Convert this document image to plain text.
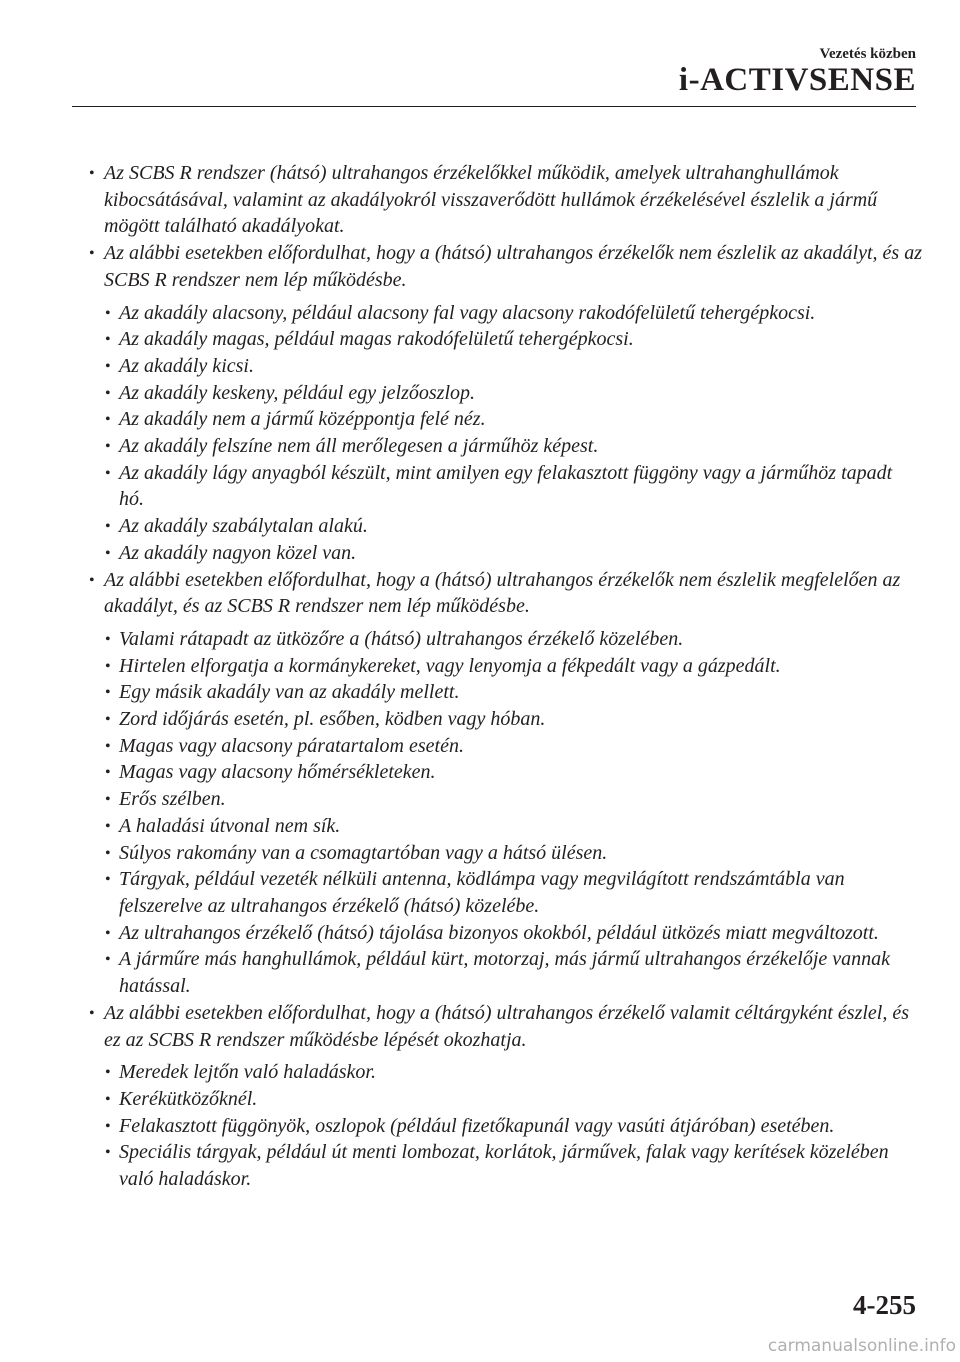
Vezetés közben
i-ACTIVSENSE
• Az SCBS R rendszer (hátsó) ultrahangos érzékelőkkel működik, amelyek ultrahanghullámok kibocsátásával, valamint az akadályokról visszaverődött hullámok érzékelésével észlelik a jármű mögött található akadályokat.
• Az alábbi esetekben előfordulhat, hogy a (hátsó) ultrahangos érzékelők nem észlelik az akadályt, és az SCBS R rendszer nem lép működésbe.
• Az akadály alacsony, például alacsony fal vagy alacsony rakodófelületű tehergépkocsi.
• Az akadály magas, például magas rakodófelületű tehergépkocsi.
• Az akadály kicsi.
• Az akadály keskeny, például egy jelzőoszlop.
• Az akadály nem a jármű középpontja felé néz.
• Az akadály felszíne nem áll merőlegesen a járműhöz képest.
• Az akadály lágy anyagból készült, mint amilyen egy felakasztott függöny vagy a járműhöz tapadt hó.
• Az akadály szabálytalan alakú.
• Az akadály nagyon közel van.
• Az alábbi esetekben előfordulhat, hogy a (hátsó) ultrahangos érzékelők nem észlelik megfelelően az akadályt, és az SCBS R rendszer nem lép működésbe.
• Valami rátapadt az ütközőre a (hátsó) ultrahangos érzékelő közelében.
• Hirtelen elforgatja a kormánykereket, vagy lenyomja a fékpedált vagy a gázpedált.
• Egy másik akadály van az akadály mellett.
• Zord időjárás esetén, pl. esőben, ködben vagy hóban.
• Magas vagy alacsony páratartalom esetén.
• Magas vagy alacsony hőmérsékleteken.
• Erős szélben.
• A haladási útvonal nem sík.
• Súlyos rakomány van a csomagtartóban vagy a hátsó ülésen.
• Tárgyak, például vezeték nélküli antenna, ködlámpa vagy megvilágított rendszámtábla van felszerelve az ultrahangos érzékelő (hátsó) közelébe.
• Az ultrahangos érzékelő (hátsó) tájolása bizonyos okokból, például ütközés miatt megváltozott.
• A járműre más hanghullámok, például kürt, motorzaj, más jármű ultrahangos érzékelője vannak hatással.
• Az alábbi esetekben előfordulhat, hogy a (hátsó) ultrahangos érzékelő valamit céltárgyként észlel, és ez az SCBS R rendszer működésbe lépését okozhatja.
• Meredek lejtőn való haladáskor.
• Kerékütközőknél.
• Felakasztott függönyök, oszlopok (például fizetőkapunál vagy vasúti átjáróban) esetében.
• Speciális tárgyak, például út menti lombozat, korlátok, járművek, falak vagy kerítések közelében való haladáskor.
4-255
carmanualsonline.info
